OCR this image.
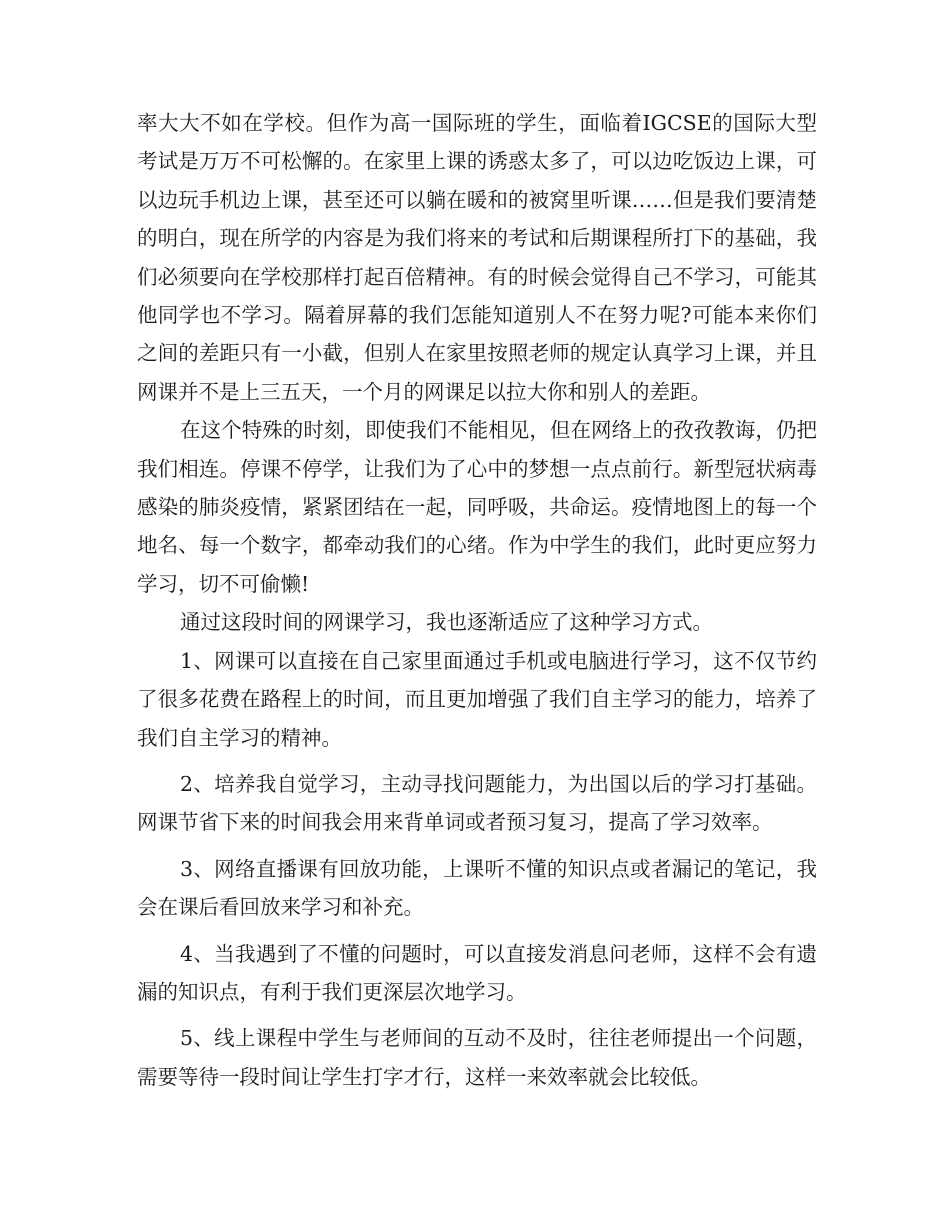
率大大不如在学校。但作为高一国际班的学生，面临着IGCSE的国际大型考试是万万不可松懈的。在家里上课的诱惑太多了，可以边吃饭边上课，可以边玩手机边上课，甚至还可以躺在暖和的被窝里听课……但是我们要清楚的明白，现在所学的内容是为我们将来的考试和后期课程所打下的基础，我们必须要向在学校那样打起百倍精神。有的时候会觉得自己不学习，可能其他同学也不学习。隔着屏幕的我们怎能知道别人不在努力呢?可能本来你们之间的差距只有一小截，但别人在家里按照老师的规定认真学习上课，并且网课并不是上三五天，一个月的网课足以拉大你和别人的差距。

在这个特殊的时刻，即使我们不能相见，但在网络上的孜孜教诲，仍把我们相连。停课不停学，让我们为了心中的梦想一点点前行。新型冠状病毒感染的肺炎疫情，紧紧团结在一起，同呼吸，共命运。疫情地图上的每一个地名、每一个数字，都牵动我们的心绪。作为中学生的我们，此时更应努力学习，切不可偷懒!

通过这段时间的网课学习，我也逐渐适应了这种学习方式。

1、网课可以直接在自己家里面通过手机或电脑进行学习，这不仅节约了很多花费在路程上的时间，而且更加增强了我们自主学习的能力，培养了我们自主学习的精神。

2、培养我自觉学习，主动寻找问题能力，为出国以后的学习打基础。网课节省下来的时间我会用来背单词或者预习复习，提高了学习效率。

3、网络直播课有回放功能，上课听不懂的知识点或者漏记的笔记，我会在课后看回放来学习和补充。

4、当我遇到了不懂的问题时，可以直接发消息问老师，这样不会有遗漏的知识点，有利于我们更深层次地学习。

5、线上课程中学生与老师间的互动不及时，往往老师提出一个问题，需要等待一段时间让学生打字才行，这样一来效率就会比较低。
